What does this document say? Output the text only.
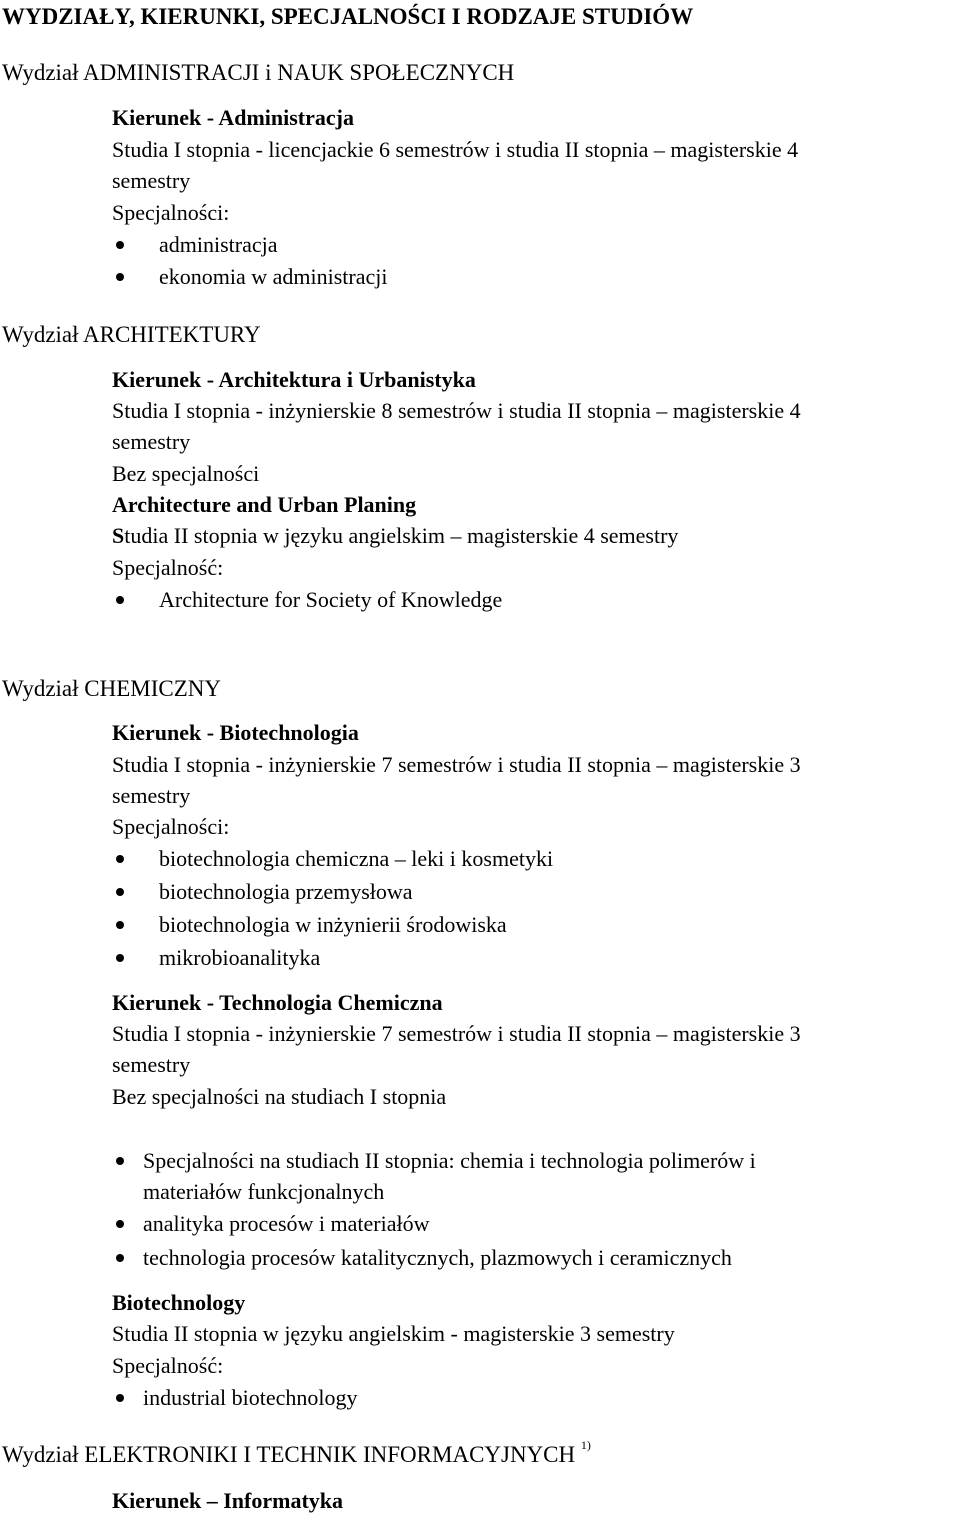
WYDZIAŁY, KIERUNKI, SPECJALNOŚCI I RODZAJE STUDIÓW
Wydział ADMINISTRACJI i NAUK SPOŁECZNYCH
Kierunek - Administracja
Studia I stopnia - licencjackie 6 semestrów i studia II stopnia – magisterskie 4
semestry
Specjalności:
administracja
ekonomia w administracji
Wydział ARCHITEKTURY
Kierunek - Architektura i Urbanistyka
Studia I stopnia - inżynierskie 8 semestrów i studia II stopnia – magisterskie 4
semestry
Bez specjalności
Architecture and Urban Planing
Studia II stopnia w języku angielskim – magisterskie 4 semestry
Specjalność:
Architecture for Society of Knowledge
Wydział CHEMICZNY
Kierunek - Biotechnologia
Studia I stopnia - inżynierskie 7 semestrów i studia II stopnia – magisterskie 3
semestry
Specjalności:
biotechnologia chemiczna – leki i kosmetyki
biotechnologia przemysłowa
biotechnologia w inżynierii środowiska
mikrobioanalityka
Kierunek - Technologia Chemiczna
Studia I stopnia - inżynierskie 7 semestrów i studia II stopnia – magisterskie 3
semestry
Bez specjalności na studiach I stopnia
Specjalności na studiach II stopnia: chemia i technologia polimerów i
materiałów funkcjonalnych
analityka procesów i materiałów
technologia procesów katalitycznych, plazmowych i ceramicznych
Biotechnology
Studia II stopnia w języku angielskim - magisterskie 3 semestry
Specjalność:
industrial biotechnology
Wydział ELEKTRONIKI I TECHNIK INFORMACYJNYCH $^{1)}$
Kierunek – Informatyka
